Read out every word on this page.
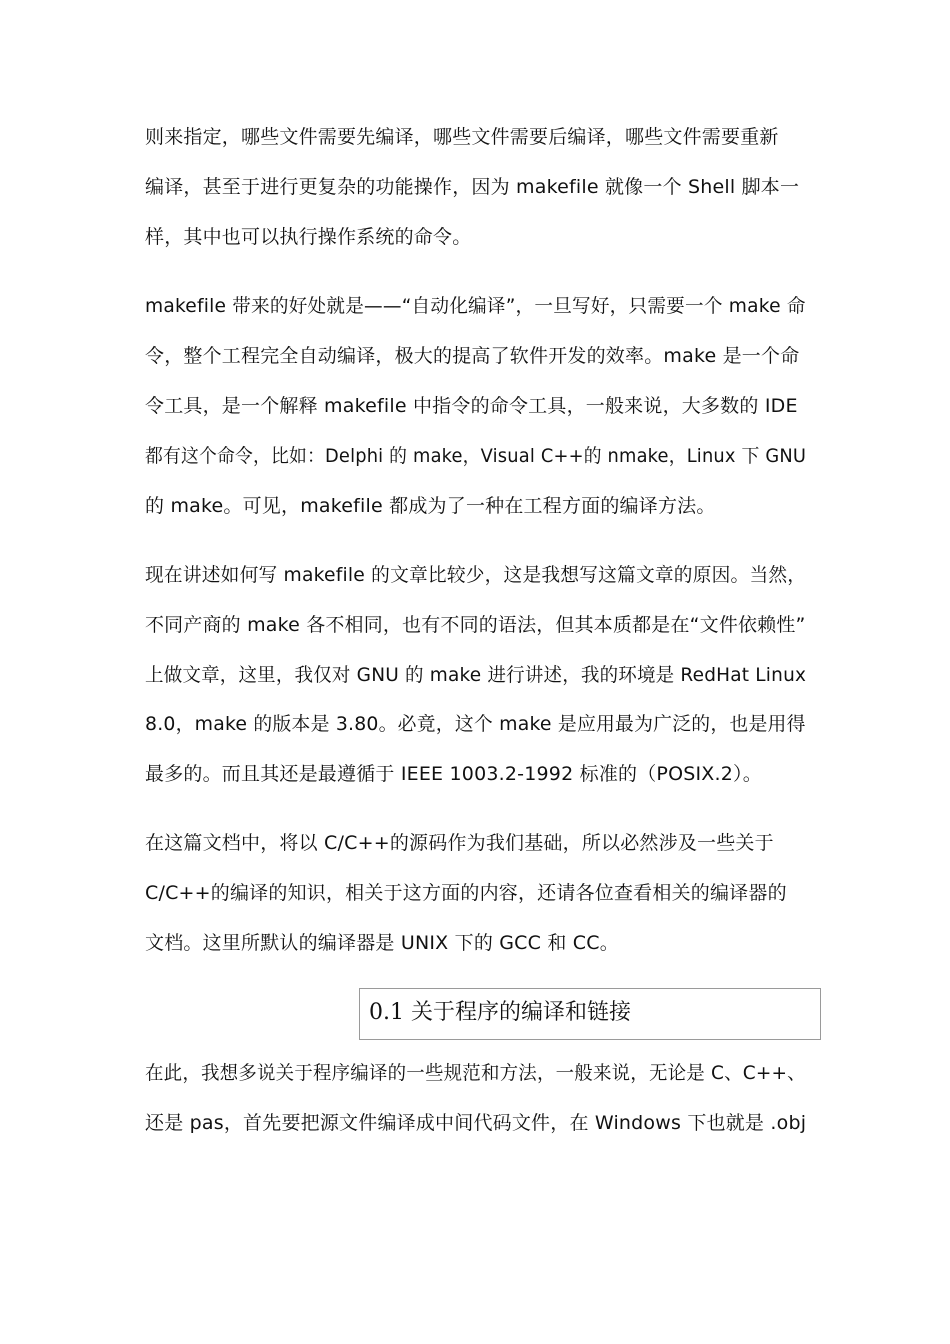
则来指定，哪些文件需要先编译，哪些文件需要后编译，哪些文件需要重新
编译，甚至于进行更复杂的功能操作，因为 makefile 就像一个 Shell 脚本一
样，其中也可以执行操作系统的命令。
makefile 带来的好处就是——“自动化编译”，一旦写好，只需要一个 make 命
令，整个工程完全自动编译，极大的提高了软件开发的效率。make 是一个命
令工具，是一个解释 makefile 中指令的命令工具，一般来说，大多数的 IDE
都有这个命令，比如：Delphi 的 make，Visual C++的 nmake，Linux 下 GNU
的 make。可见，makefile 都成为了一种在工程方面的编译方法。
现在讲述如何写 makefile 的文章比较少，这是我想写这篇文章的原因。当然，
不同产商的 make 各不相同，也有不同的语法，但其本质都是在“文件依赖性”
上做文章，这里，我仅对 GNU 的 make 进行讲述，我的环境是 RedHat Linux
8.0，make 的版本是 3.80。必竟，这个 make 是应用最为广泛的，也是用得
最多的。而且其还是最遵循于 IEEE 1003.2-1992 标准的（POSIX.2）。
在这篇文档中，将以 C/C++的源码作为我们基础，所以必然涉及一些关于
C/C++的编译的知识，相关于这方面的内容，还请各位查看相关的编译器的
文档。这里所默认的编译器是 UNIX 下的 GCC 和 CC。
0.1 关于程序的编译和链接
在此，我想多说关于程序编译的一些规范和方法，一般来说，无论是 C、C++、
还是 pas，首先要把源文件编译成中间代码文件，在 Windows 下也就是 .obj
